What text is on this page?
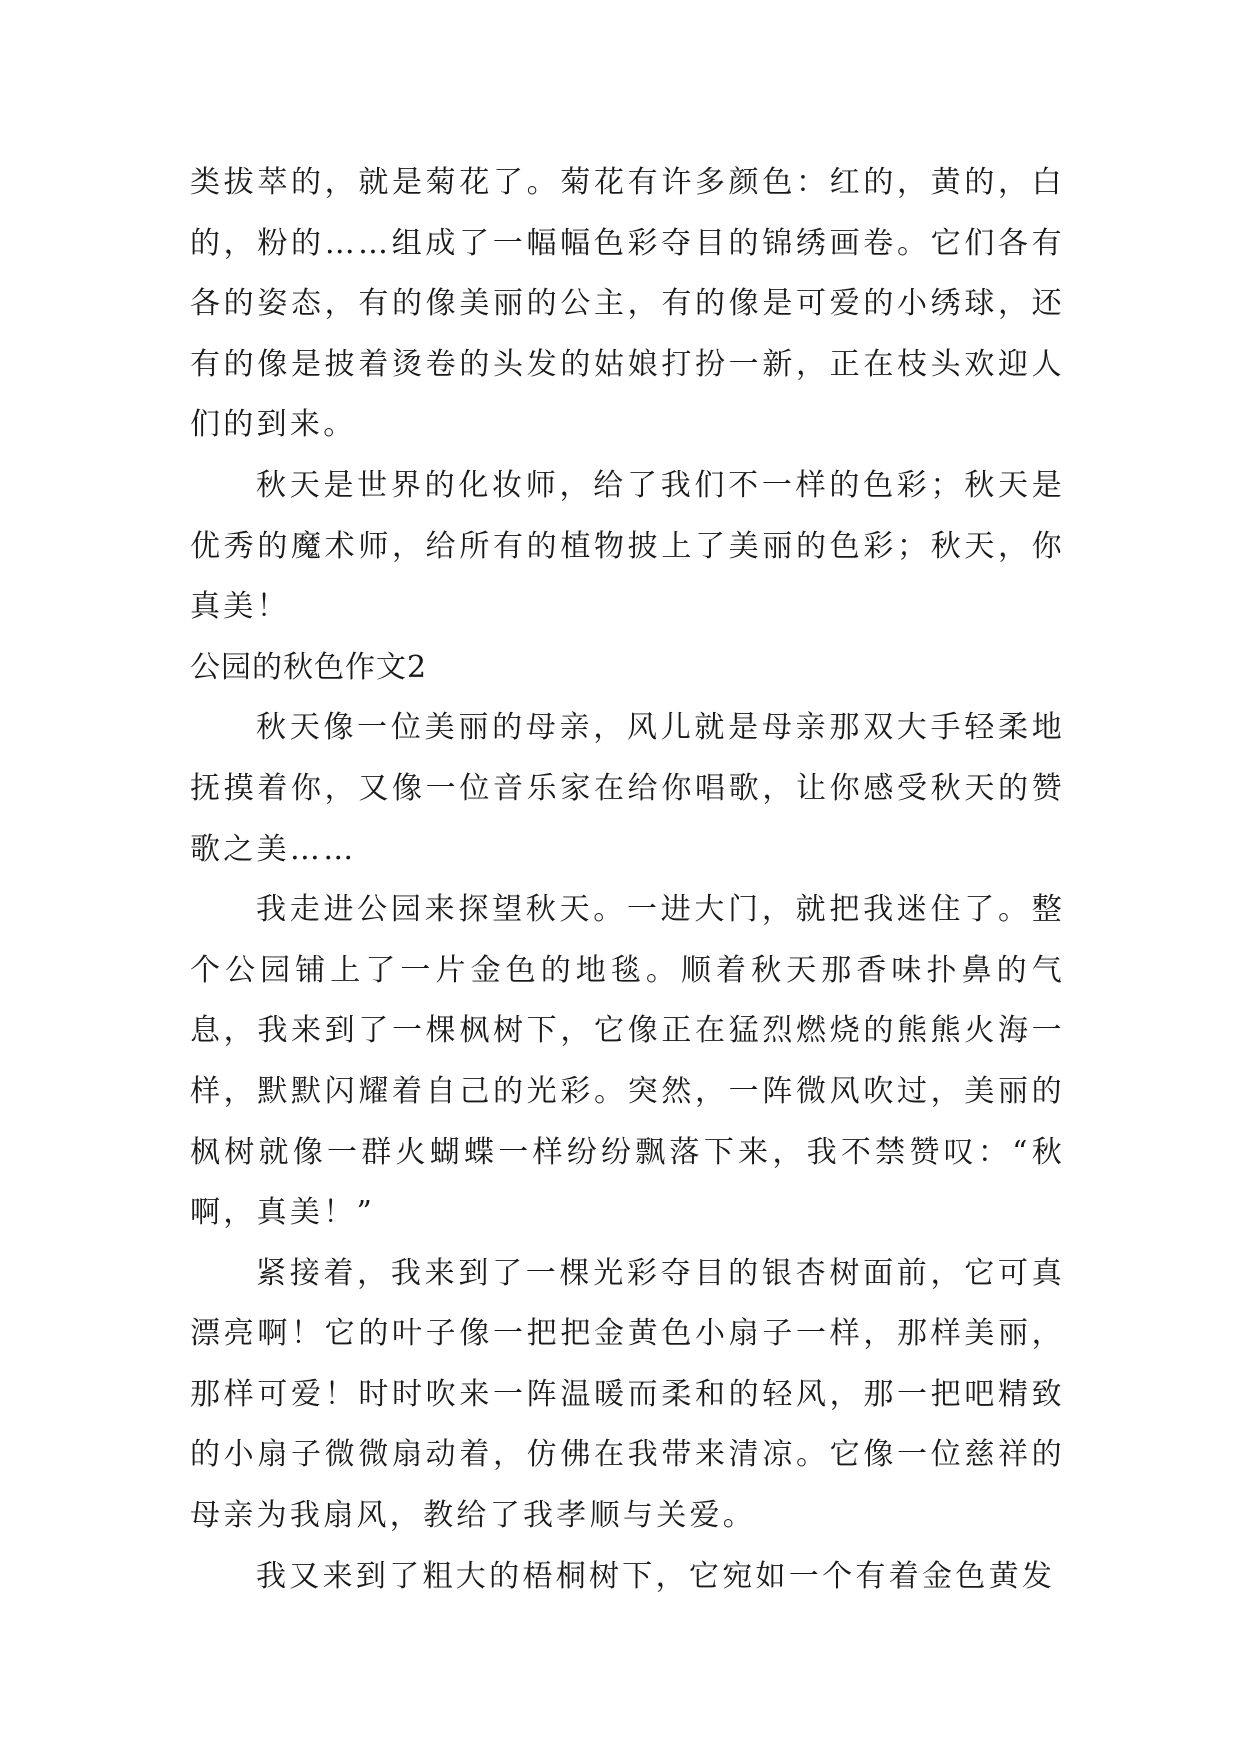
类拔萃的，就是菊花了。菊花有许多颜色：红的，黄的，白的，粉的……组成了一幅幅色彩夺目的锦绣画卷。它们各有各的姿态，有的像美丽的公主，有的像是可爱的小绣球，还有的像是披着烫卷的头发的姑娘打扮一新，正在枝头欢迎人们的到来。

秋天是世界的化妆师，给了我们不一样的色彩；秋天是优秀的魔术师，给所有的植物披上了美丽的色彩；秋天，你真美！

公园的秋色作文2

秋天像一位美丽的母亲，风儿就是母亲那双大手轻柔地抚摸着你，又像一位音乐家在给你唱歌，让你感受秋天的赞歌之美……

我走进公园来探望秋天。一进大门，就把我迷住了。整个公园铺上了一片金色的地毯。顺着秋天那香味扑鼻的气息，我来到了一棵枫树下，它像正在猛烈燃烧的熊熊火海一样，默默闪耀着自己的光彩。突然，一阵微风吹过，美丽的枫树就像一群火蝴蝶一样纷纷飘落下来，我不禁赞叹：“秋啊，真美！”

紧接着，我来到了一棵光彩夺目的银杏树面前，它可真漂亮啊！它的叶子像一把把金黄色小扇子一样，那样美丽，那样可爱！时时吹来一阵温暖而柔和的轻风，那一把吧精致的小扇子微微扇动着，仿佛在我带来清凉。它像一位慈祥的母亲为我扇风，教给了我孝顺与关爱。

我又来到了粗大的梧桐树下，它宛如一个有着金色黄发
